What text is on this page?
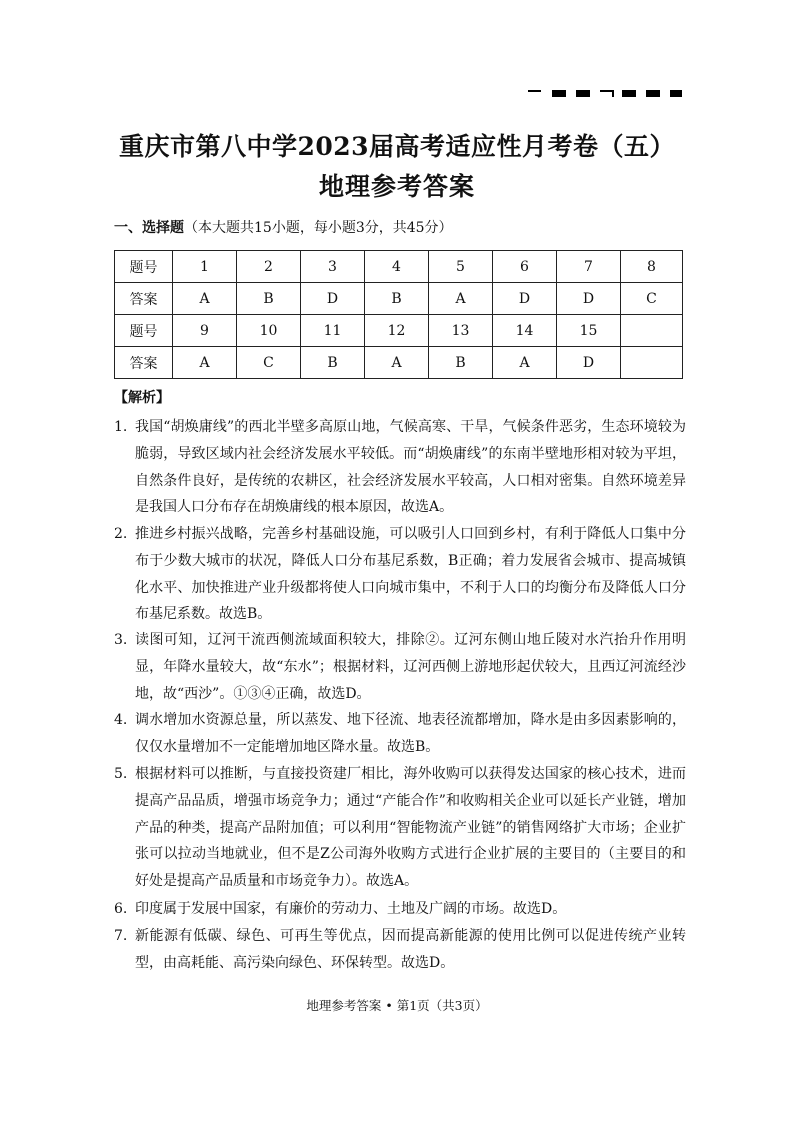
重庆市第八中学2023届高考适应性月考卷（五）
地理参考答案
一、选择题（本大题共15小题，每小题3分，共45分）
题号	1	2	3	4	5	6	7	8
答案	A	B	D	B	A	D	D	C
题号	9	10	11	12	13	14	15	
答案	A	C	B	A	B	A	D	
【解析】
1. 我国“胡焕庸线”的西北半壁多高原山地，气候高寒、干旱，气候条件恶劣，生态环境较为脆弱，导致区域内社会经济发展水平较低。而“胡焕庸线”的东南半壁地形相对较为平坦，自然条件良好，是传统的农耕区，社会经济发展水平较高，人口相对密集。自然环境差异是我国人口分布存在胡焕庸线的根本原因，故选A。
2. 推进乡村振兴战略，完善乡村基础设施，可以吸引人口回到乡村，有利于降低人口集中分布于少数大城市的状况，降低人口分布基尼系数，B正确；着力发展省会城市、提高城镇化水平、加快推进产业升级都将使人口向城市集中，不利于人口的均衡分布及降低人口分布基尼系数。故选B。
3. 读图可知，辽河干流西侧流域面积较大，排除②。辽河东侧山地丘陵对水汽抬升作用明显，年降水量较大，故“东水”；根据材料，辽河西侧上游地形起伏较大，且西辽河流经沙地，故“西沙”。①③④正确，故选D。
4. 调水增加水资源总量，所以蒸发、地下径流、地表径流都增加，降水是由多因素影响的，仅仅水量增加不一定能增加地区降水量。故选B。
5. 根据材料可以推断，与直接投资建厂相比，海外收购可以获得发达国家的核心技术，进而提高产品品质，增强市场竞争力；通过“产能合作”和收购相关企业可以延长产业链，增加产品的种类，提高产品附加值；可以利用“智能物流产业链”的销售网络扩大市场；企业扩张可以拉动当地就业，但不是Z公司海外收购方式进行企业扩展的主要目的（主要目的和好处是提高产品质量和市场竞争力）。故选A。
6. 印度属于发展中国家，有廉价的劳动力、土地及广阔的市场。故选D。
7. 新能源有低碳、绿色、可再生等优点，因而提高新能源的使用比例可以促进传统产业转型，由高耗能、高污染向绿色、环保转型。故选D。
地理参考答案 • 第1页（共3页）
